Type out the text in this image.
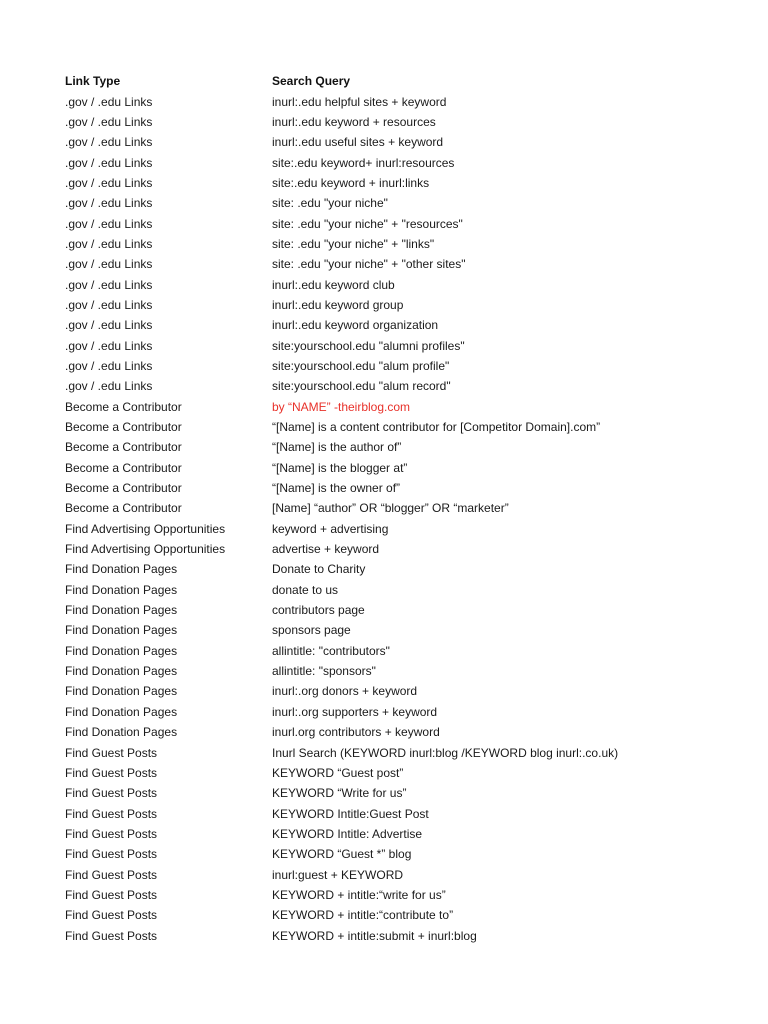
Link Type	Search Query
.gov / .edu Links	inurl:.edu helpful sites + keyword
.gov / .edu Links	inurl:.edu keyword + resources
.gov / .edu Links	inurl:.edu useful sites + keyword
.gov / .edu Links	site:.edu keyword+ inurl:resources
.gov / .edu Links	site:.edu keyword + inurl:links
.gov / .edu Links	site: .edu "your niche"
.gov / .edu Links	site: .edu "your niche" + "resources"
.gov / .edu Links	site: .edu "your niche" + "links"
.gov / .edu Links	site: .edu "your niche" + "other sites"
.gov / .edu Links	inurl:.edu keyword club
.gov / .edu Links	inurl:.edu keyword group
.gov / .edu Links	inurl:.edu keyword organization
.gov / .edu Links	site:yourschool.edu "alumni profiles"
.gov / .edu Links	site:yourschool.edu "alum profile"
.gov / .edu Links	site:yourschool.edu "alum record"
Become a Contributor	by “NAME” -theirblog.com
Become a Contributor	“[Name] is a content contributor for [Competitor Domain].com”
Become a Contributor	“[Name] is the author of”
Become a Contributor	“[Name] is the blogger at”
Become a Contributor	“[Name] is the owner of”
Become a Contributor	[Name] “author” OR “blogger” OR “marketer”
Find Advertising Opportunities	keyword + advertising
Find Advertising Opportunities	advertise + keyword
Find Donation Pages	Donate to Charity
Find Donation Pages	donate to us
Find Donation Pages	contributors page
Find Donation Pages	sponsors page
Find Donation Pages	allintitle: "contributors"
Find Donation Pages	allintitle: "sponsors"
Find Donation Pages	inurl:.org donors + keyword
Find Donation Pages	inurl:.org supporters + keyword
Find Donation Pages	inurl.org contributors + keyword
Find Guest Posts	Inurl Search (KEYWORD inurl:blog /KEYWORD blog inurl:.co.uk)
Find Guest Posts	KEYWORD “Guest post”
Find Guest Posts	KEYWORD “Write for us”
Find Guest Posts	KEYWORD Intitle:Guest Post
Find Guest Posts	KEYWORD Intitle: Advertise
Find Guest Posts	KEYWORD “Guest *” blog
Find Guest Posts	inurl:guest + KEYWORD
Find Guest Posts	KEYWORD + intitle:“write for us”
Find Guest Posts	KEYWORD + intitle:“contribute to”
Find Guest Posts	KEYWORD + intitle:submit + inurl:blog
